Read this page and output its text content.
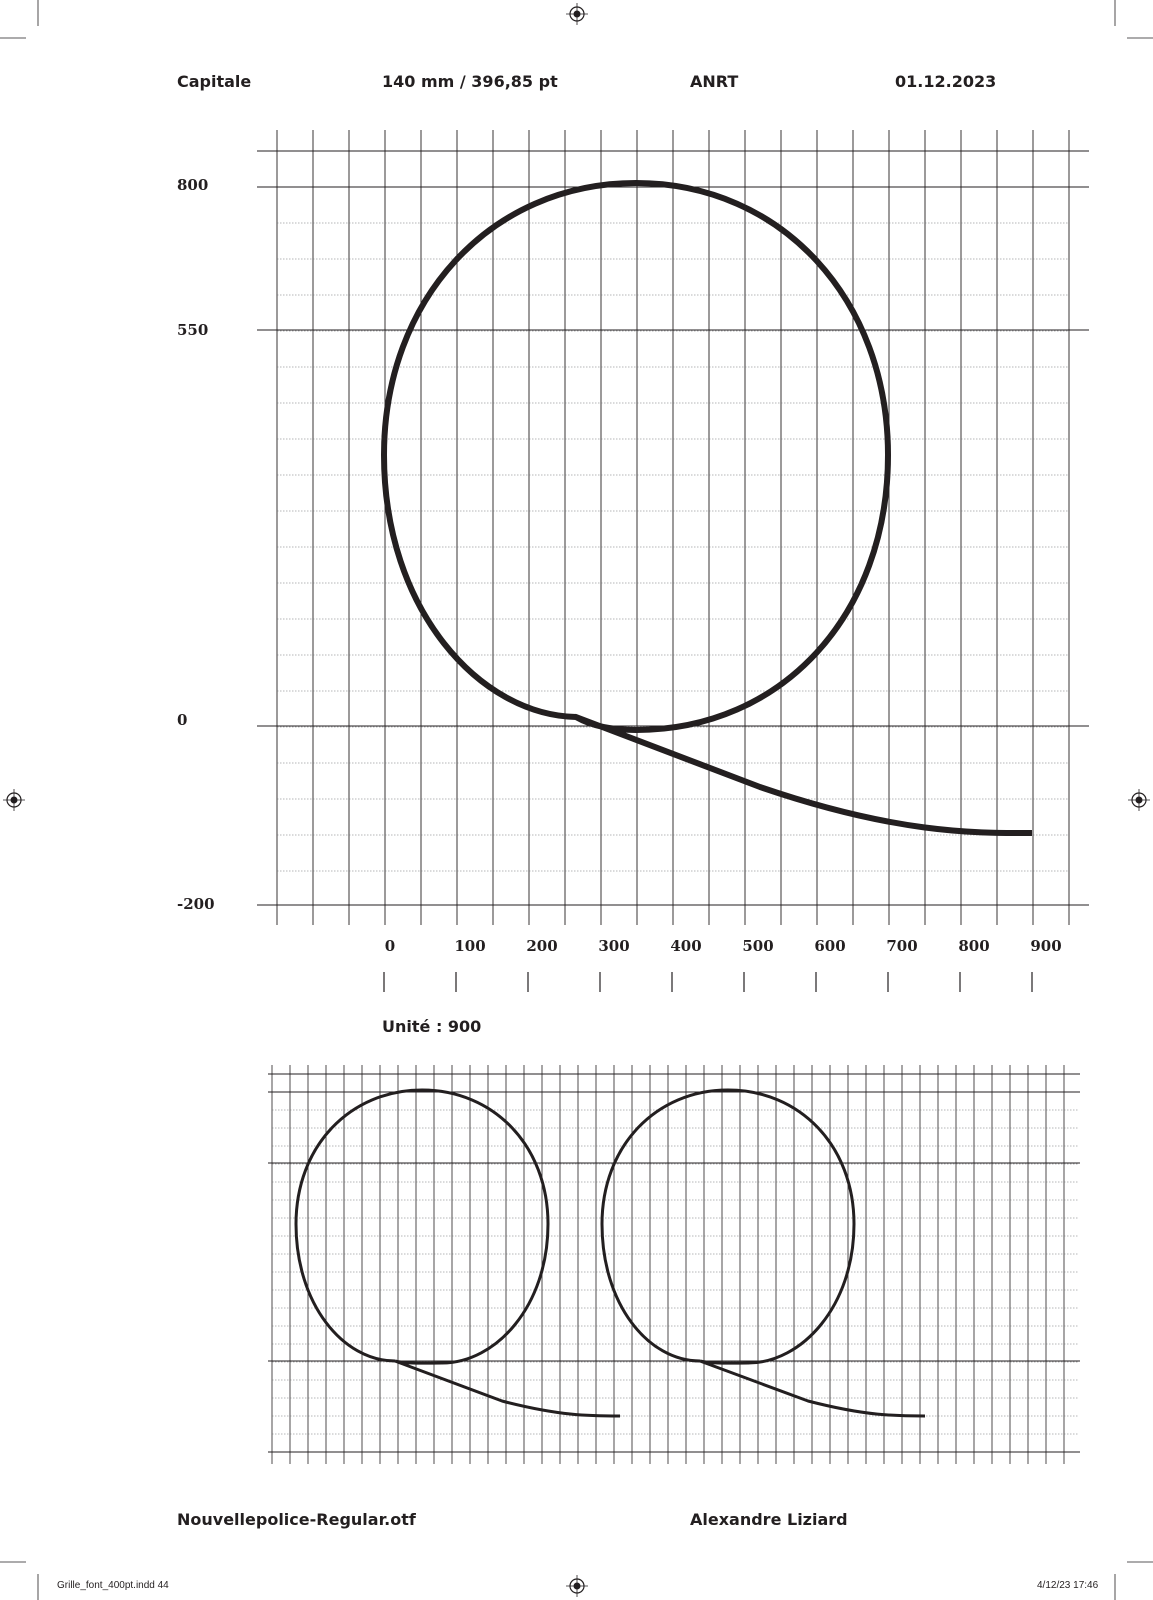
Capitale	140 mm / 396,85 pt	ANRT	01.12.2023
800
550
0
-200
0	100	200	300	400	500	600	700	800	900
Unité : 900
Nouvellepolice-Regular.otf	Alexandre Liziard
Grille_font_400pt.indd 44	4/12/23 17:46
